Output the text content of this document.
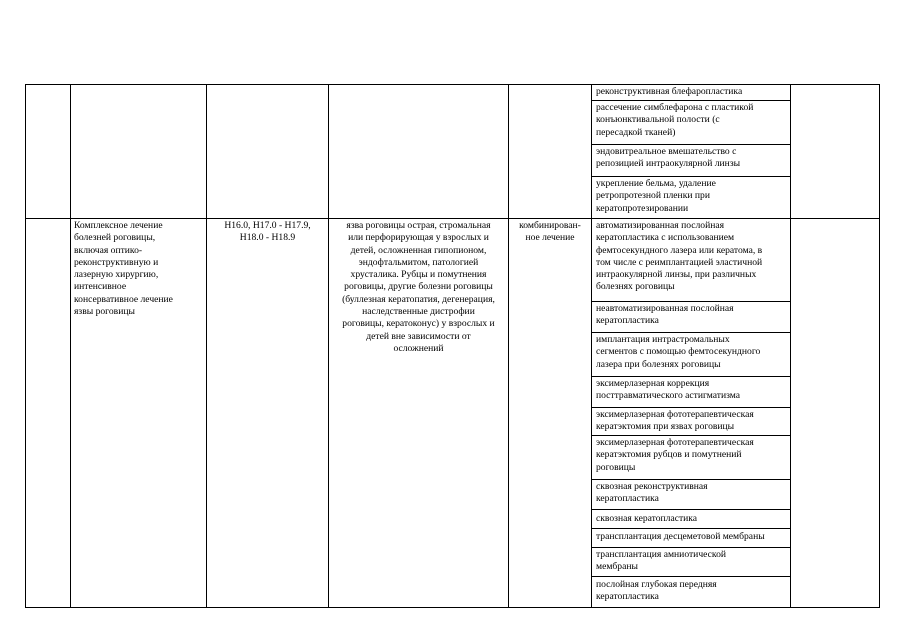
реконструктивная блефаропластика
рассечение симблефарона с пластикой
конъюнктивальной полости (с
пересадкой тканей)
эндовитреальное вмешательство с
репозицией интраокулярной линзы
укрепление бельма, удаление
ретропротезной пленки при
кератопротезировании
Комплексное лечение
болезней роговицы,
включая оптико-
реконструктивную и
лазерную хирургию,
интенсивное
консервативное лечение
язвы роговицы
H16.0, H17.0 - H17.9,
H18.0 - H18.9
язва роговицы острая, стромальная
или перфорирующая у взрослых и
детей, осложненная гипопионом,
эндофтальмитом, патологией
хрусталика. Рубцы и помутнения
роговицы, другие болезни роговицы
(буллезная кератопатия, дегенерация,
наследственные дистрофии
роговицы, кератоконус) у взрослых и
детей вне зависимости от
осложнений
комбинирован-
ное лечение
автоматизированная послойная
кератопластика с использованием
фемтосекундного лазера или кератома, в
том числе с реимплантацией эластичной
интраокулярной линзы, при различных
болезнях роговицы
неавтоматизированная послойная
кератопластика
имплантация интрастромальных
сегментов с помощью фемтосекундного
лазера при болезнях роговицы
эксимерлазерная коррекция
посттравматического астигматизма
эксимерлазерная фототерапевтическая
кератэктомия при язвах роговицы
эксимерлазерная фототерапевтическая
кератэктомия рубцов и помутнений
роговицы
сквозная реконструктивная
кератопластика
сквозная кератопластика
трансплантация десцеметовой мембраны
трансплантация амниотической
мембраны
послойная глубокая передняя
кератопластика
